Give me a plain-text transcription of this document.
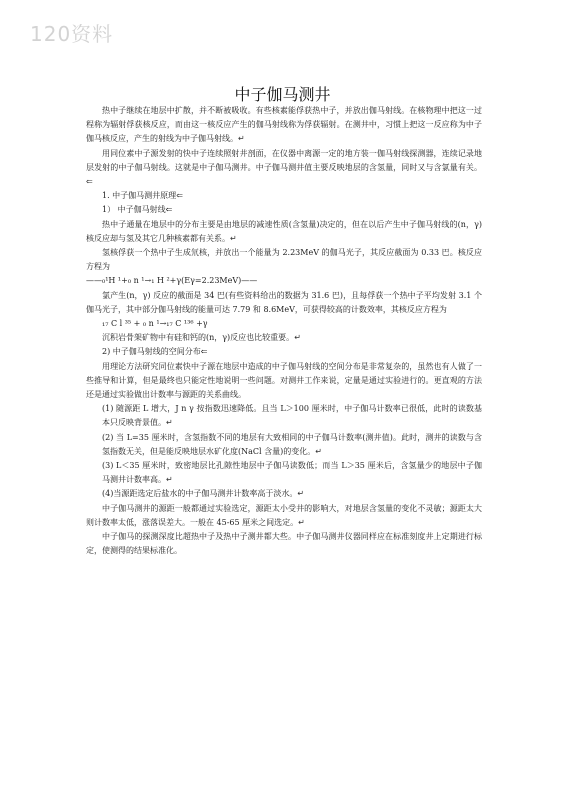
120资料
中子伽马测井

热中子继续在地层中扩散，并不断被吸收。有些核素能俘获热中子，并放出伽马射线。在核物理中把这一过程称为辐射俘获核反应，而由这一核反应产生的伽马射线称为俘获辐射。在测井中，习惯上把这一反应称为中子伽马核反应，产生的射线为中子伽马射线。↵

用同位素中子源发射的快中子连续照射井剖面，在仪器中离源一定的地方装一伽马射线探测器，连续记录地层发射的中子伽马射线。这就是中子伽马测井。中子伽马测井值主要反映地层的含氢量，同时又与含氯量有关。⇐

1. 中子伽马测井原理⇐

1） 中子伽马射线⇐

热中子通量在地层中的分布主要是由地层的减速性质(含氢量)决定的，但在以后产生中子伽马射线的(n，γ)核反应却与氢及其它几种核素都有关系。↵

氢核俘获一个热中子生成氘核，并放出一个能量为 2.23MeV 的伽马光子，其反应截面为 0.33 巴。核反应方程为

——₀¹H ¹+₀ n ¹→₁ H ²+γ(Eγ=2.23MeV)——

氯产生(n，γ) 反应的截面是 34 巴(有些资料给出的数据为 31.6 巴)，且每俘获一个热中子平均发射 3.1 个伽马光子，其中部分伽马射线的能量可达 7.79 和 8.6MeV，可获得较高的计数效率，其核反应方程为

₁₇ C l ³⁵ + ₀ n ¹→₁₇ C ¹³⁶ +γ

沉积岩骨架矿物中有硅和钙的(n，γ)反应也比较重要。↵

2) 中子伽马射线的空间分布⇐

用理论方法研究同位素快中子源在地层中造成的中子伽马射线的空间分布是非常复杂的，虽然也有人做了一些推导和计算，但是最终也只能定性地说明一些问题。对测井工作来说，定量是通过实验进行的。更直观的方法还是通过实验做出计数率与源距的关系曲线。

(1) 随源距 L 增大，J n γ 按指数迅速降低。且当 L＞100 厘米时，中子伽马计数率已很低，此时的读数基本只反映背景值。↵

(2) 当 L=35 厘米时，含氢指数不同的地层有大致相同的中子伽马计数率(测井值)。此时，测井的读数与含氢指数无关，但是能反映地层水矿化度(NaCl 含量)的变化。↵

(3) L＜35 厘米时，致密地层比孔隙性地层中子伽马读数低；而当 L＞35 厘米后，含氢量少的地层中子伽马测井计数率高。↵

(4)当源距选定后盐水的中子伽马测井计数率高于淡水。↵

中子伽马测井的源距一般都通过实验选定，源距太小受井的影响大，对地层含氢量的变化不灵敏；源距太大则计数率太低，涨落误差大。一般在 45-65 厘米之间选定。↵

中子伽马的探测深度比超热中子及热中子测井都大些。中子伽马测井仪器同样应在标准刻度井上定期进行标定，使测得的结果标准化。
